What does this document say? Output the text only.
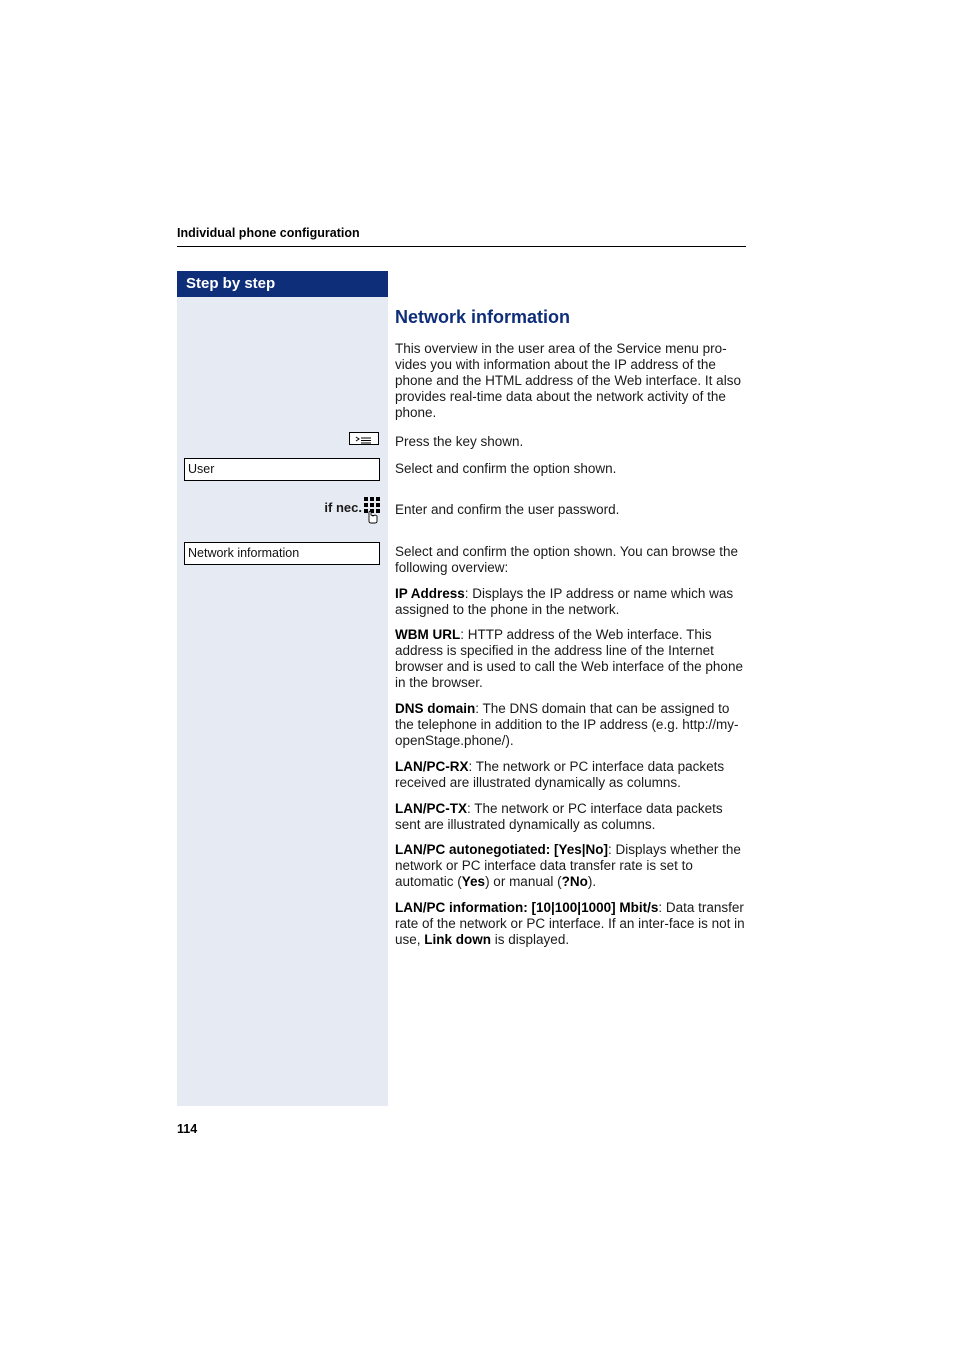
Individual phone configuration
Step by step
User
if nec.
Network information
Network information
This overview in the user area of the Service menu pro-vides you with information about the IP address of the phone and the HTML address of the Web interface. It also provides real-time data about the network activity of the phone.
Press the key shown.
Select and confirm the option shown.
Enter and confirm the user password.
Select and confirm the option shown. You can browse the following overview:
IP Address: Displays the IP address or name which was assigned to the phone in the network.
WBM URL: HTTP address of the Web interface. This address is specified in the address line of the Internet browser and is used to call the Web interface of the phone in the browser.
DNS domain: The DNS domain that can be assigned to the telephone in addition to the IP address (e.g. http://my-openStage.phone/).
LAN/PC-RX: The network or PC interface data packets received are illustrated dynamically as columns.
LAN/PC-TX: The network or PC interface data packets sent are illustrated dynamically as columns.
LAN/PC autonegotiated: [Yes|No]: Displays whether the network or PC interface data transfer rate is set to automatic (Yes) or manual (?No).
LAN/PC information: [10|100|1000] Mbit/s: Data transfer rate of the network or PC interface. If an inter-face is not in use, Link down is displayed.
114
